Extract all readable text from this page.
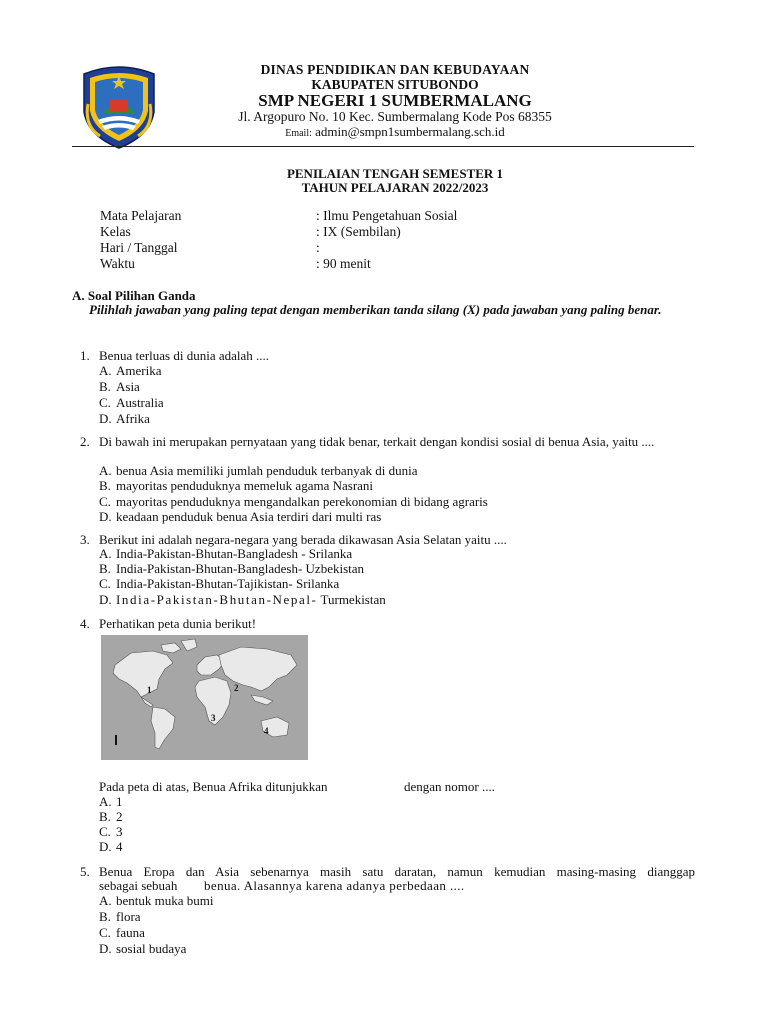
DINAS PENDIDIKAN DAN KEBUDAYAAN
KABUPATEN SITUBONDO
SMP NEGERI 1 SUMBERMALANG
Jl. Argopuro No. 10 Kec. Sumbermalang Kode Pos 68355
Email: admin@smpn1sumbermalang.sch.id
PENILAIAN TENGAH SEMESTER 1
TAHUN PELAJARAN 2022/2023
Mata Pelajaran	: Ilmu Pengetahuan Sosial
Kelas	: IX (Sembilan)
Hari / Tanggal	:
Waktu	: 90 menit
A. Soal Pilihan Ganda
Pilihlah jawaban yang paling tepat dengan memberikan tanda silang (X) pada jawaban yang paling benar.
1. Benua terluas di dunia adalah ....
A. Amerika
B. Asia
C. Australia
D. Afrika
2. Di bawah ini merupakan pernyataan yang tidak benar, terkait dengan kondisi sosial di benua Asia, yaitu ....
A. benua Asia memiliki jumlah penduduk terbanyak di dunia
B. mayoritas penduduknya memeluk agama Nasrani
C. mayoritas penduduknya mengandalkan perekonomian di bidang agraris
D. keadaan penduduk benua Asia terdiri dari multi ras
3. Berikut ini adalah negara-negara yang berada dikawasan Asia Selatan yaitu ....
A. India-Pakistan-Bhutan-Bangladesh - Srilanka
B. India-Pakistan-Bhutan-Bangladesh- Uzbekistan
C. India-Pakistan-Bhutan-Tajikistan- Srilanka
D. India-Pakistan-Bhutan-Nepal- Turmekistan
4. Perhatikan peta dunia berikut!
1	2
3
4
Pada peta di atas, Benua Afrika ditunjukkan	dengan nomor ....
A. 1
B. 2
C. 3
D. 4
5. Benua Eropa dan Asia sebenarnya masih satu daratan, namun kemudian masing-masing dianggap
sebagai sebuah benua. Alasannya karena adanya perbedaan ....
A. bentuk muka bumi
B. flora
C. fauna
D. sosial budaya
